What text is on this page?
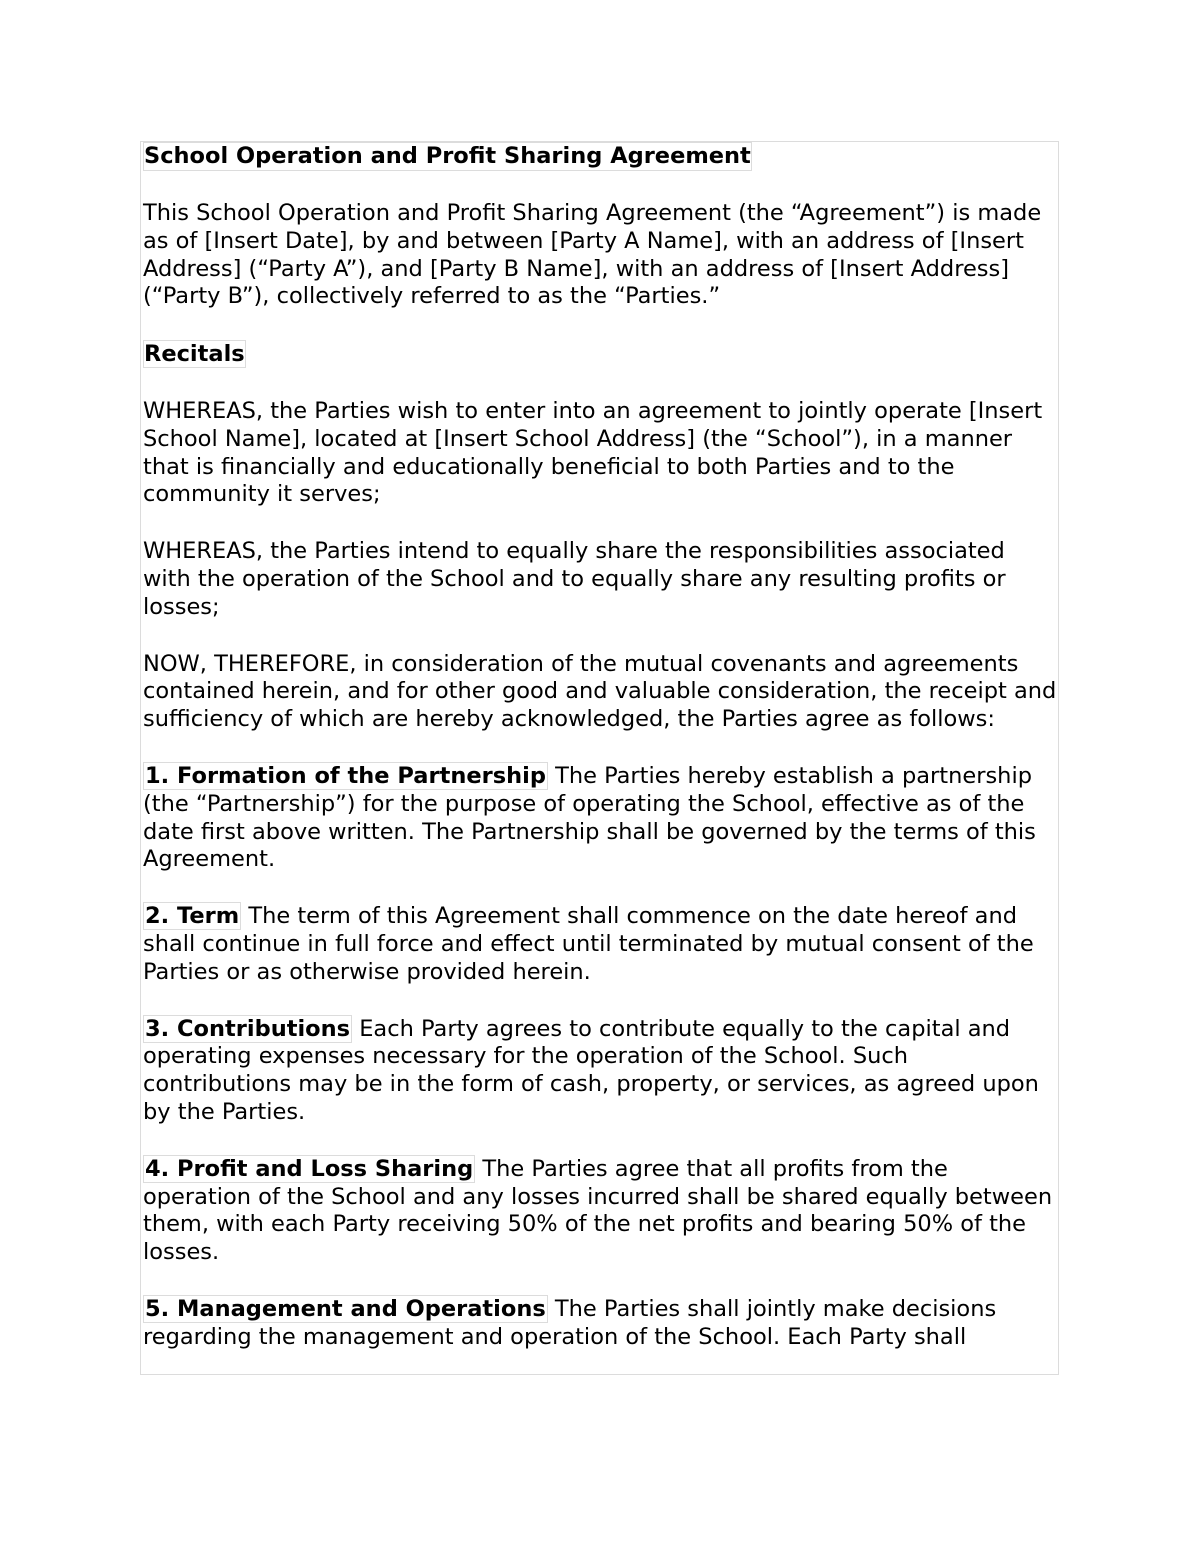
School Operation and Profit Sharing Agreement

This School Operation and Profit Sharing Agreement (the “Agreement”) is made as of [Insert Date], by and between [Party A Name], with an address of [Insert Address] (“Party A”), and [Party B Name], with an address of [Insert Address] (“Party B”), collectively referred to as the “Parties.”

Recitals

WHEREAS, the Parties wish to enter into an agreement to jointly operate [Insert School Name], located at [Insert School Address] (the “School”), in a manner that is financially and educationally beneficial to both Parties and to the community it serves;

WHEREAS, the Parties intend to equally share the responsibilities associated with the operation of the School and to equally share any resulting profits or losses;

NOW, THEREFORE, in consideration of the mutual covenants and agreements contained herein, and for other good and valuable consideration, the receipt and sufficiency of which are hereby acknowledged, the Parties agree as follows:

1. Formation of the Partnership The Parties hereby establish a partnership (the “Partnership”) for the purpose of operating the School, effective as of the date first above written. The Partnership shall be governed by the terms of this Agreement.

2. Term The term of this Agreement shall commence on the date hereof and shall continue in full force and effect until terminated by mutual consent of the Parties or as otherwise provided herein.

3. Contributions Each Party agrees to contribute equally to the capital and operating expenses necessary for the operation of the School. Such contributions may be in the form of cash, property, or services, as agreed upon by the Parties.

4. Profit and Loss Sharing The Parties agree that all profits from the operation of the School and any losses incurred shall be shared equally between them, with each Party receiving 50% of the net profits and bearing 50% of the losses.

5. Management and Operations The Parties shall jointly make decisions regarding the management and operation of the School. Each Party shall
